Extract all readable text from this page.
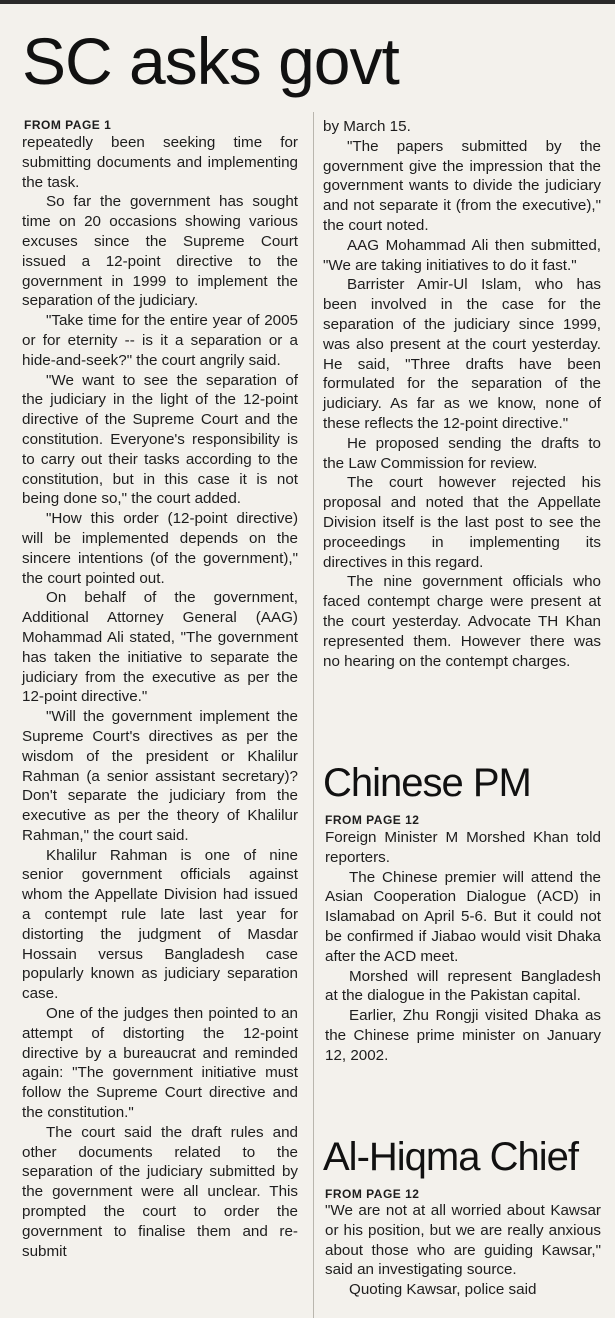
SC asks govt
FROM PAGE 1

repeatedly been seeking time for submitting documents and implementing the task.

So far the government has sought time on 20 occasions showing various excuses since the Supreme Court issued a 12-point directive to the government in 1999 to implement the separation of the judiciary.

"Take time for the entire year of 2005 or for eternity -- is it a separation or a hide-and-seek?" the court angrily said.

"We want to see the separation of the judiciary in the light of the 12-point directive of the Supreme Court and the constitution. Everyone's responsibility is to carry out their tasks according to the constitution, but in this case it is not being done so," the court added.

"How this order (12-point directive) will be implemented depends on the sincere intentions (of the government)," the court pointed out.

On behalf of the government, Additional Attorney General (AAG) Mohammad Ali stated, "The government has taken the initiative to separate the judiciary from the executive as per the 12-point directive."

"Will the government implement the Supreme Court's directives as per the wisdom of the president or Khalilur Rahman (a senior assistant secretary)? Don't separate the judiciary from the executive as per the theory of Khalilur Rahman," the court said.

Khalilur Rahman is one of nine senior government officials against whom the Appellate Division had issued a contempt rule late last year for distorting the judgment of Masdar Hossain versus Bangladesh case popularly known as judiciary separation case.

One of the judges then pointed to an attempt of distorting the 12-point directive by a bureaucrat and reminded again: "The government initiative must follow the Supreme Court directive and the constitution."

The court said the draft rules and other documents related to the separation of the judiciary submitted by the government were all unclear. This prompted the court to order the government to finalise them and re-submit

by March 15.

"The papers submitted by the government give the impression that the government wants to divide the judiciary and not separate it (from the executive)," the court noted.

AAG Mohammad Ali then submitted, "We are taking initiatives to do it fast."

Barrister Amir-Ul Islam, who has been involved in the case for the separation of the judiciary since 1999, was also present at the court yesterday. He said, "Three drafts have been formulated for the separation of the judiciary. As far as we know, none of these reflects the 12-point directive."

He proposed sending the drafts to the Law Commission for review.

The court however rejected his proposal and noted that the Appellate Division itself is the last post to see the proceedings in implementing its directives in this regard.

The nine government officials who faced contempt charge were present at the court yesterday. Advocate TH Khan represented them. However there was no hearing on the contempt charges.

Chinese PM
FROM PAGE 12

Foreign Minister M Morshed Khan told reporters.

The Chinese premier will attend the Asian Cooperation Dialogue (ACD) in Islamabad on April 5-6. But it could not be confirmed if Jiabao would visit Dhaka after the ACD meet.

Morshed will represent Bangladesh at the dialogue in the Pakistan capital.

Earlier, Zhu Rongji visited Dhaka as the Chinese prime minister on January 12, 2002.

Al-Hiqma Chief
FROM PAGE 12

"We are not at all worried about Kawsar or his position, but we are really anxious about those who are guiding Kawsar," said an investigating source.

Quoting Kawsar, police said
